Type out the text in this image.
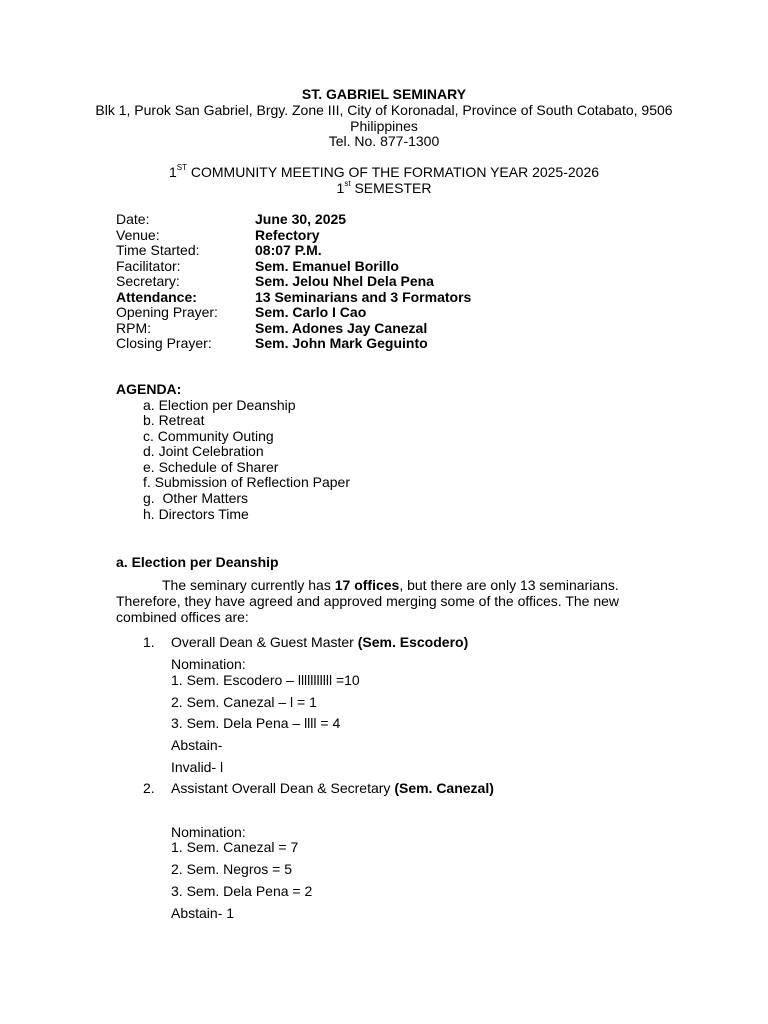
ST. GABRIEL SEMINARY
Blk 1, Purok San Gabriel, Brgy. Zone III, City of Koronadal, Province of South Cotabato, 9506
Philippines
Tel. No. 877-1300
1ST COMMUNITY MEETING OF THE FORMATION YEAR 2025-2026
1st SEMESTER
Date:	June 30, 2025
Venue:	Refectory
Time Started:	08:07 P.M.
Facilitator:	Sem. Emanuel Borillo
Secretary:	Sem. Jelou Nhel Dela Pena
Attendance:	13 Seminarians and 3 Formators
Opening Prayer:	Sem. Carlo I Cao
RPM:	Sem. Adones Jay Canezal
Closing Prayer:	Sem. John Mark Geguinto
AGENDA:
a. Election per Deanship
b. Retreat
c. Community Outing
d. Joint Celebration
e. Schedule of Sharer
f. Submission of Reflection Paper
g.  Other Matters
h. Directors Time
a. Election per Deanship
The seminary currently has 17 offices, but there are only 13 seminarians. Therefore, they have agreed and approved merging some of the offices. The new combined offices are:
1. Overall Dean & Guest Master (Sem. Escodero)
Nomination:
1. Sem. Escodero – lllllllllll =10
2. Sem. Canezal – l = 1
3. Sem. Dela Pena – llll = 4
Abstain-
Invalid- l
2. Assistant Overall Dean & Secretary (Sem. Canezal)
Nomination:
1. Sem. Canezal = 7
2. Sem. Negros = 5
3. Sem. Dela Pena = 2
Abstain- 1
